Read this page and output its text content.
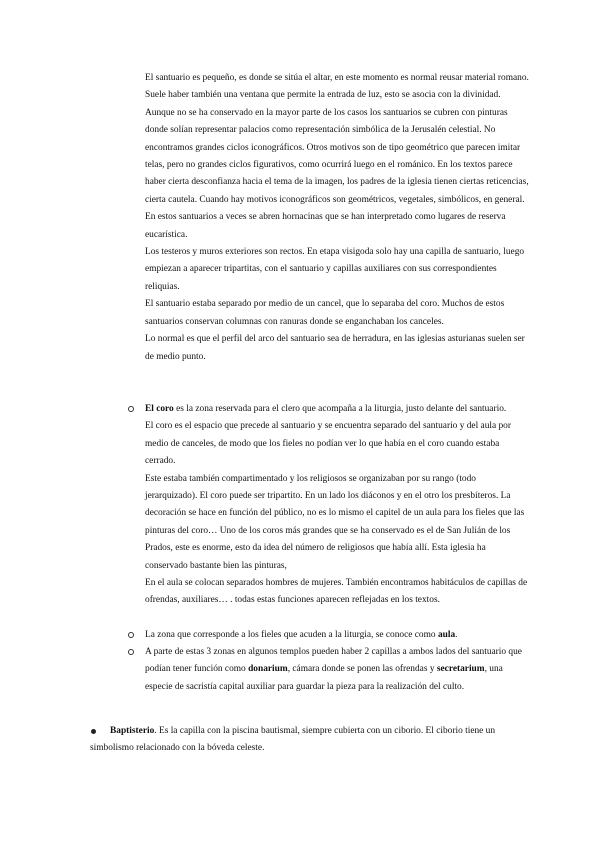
El santuario es pequeño, es donde se sitúa el altar, en este momento es normal reusar material romano. Suele haber también una ventana que permite la entrada de luz, esto se asocia con la divinidad.

Aunque no se ha conservado en la mayor parte de los casos los santuarios se cubren con pinturas donde solían representar palacios como representación simbólica de la Jerusalén celestial. No encontramos grandes ciclos iconográficos. Otros motivos son de tipo geométrico que parecen imitar telas, pero no grandes ciclos figurativos, como ocurrirá luego en el románico. En los textos parece haber cierta desconfianza hacia el tema de la imagen, los padres de la iglesia tienen ciertas reticencias, cierta cautela. Cuando hay motivos iconográficos son geométricos, vegetales, simbólicos, en general.

En estos santuarios a veces se abren hornacinas que se han interpretado como lugares de reserva eucarística.

Los testeros y muros exteriores son rectos. En etapa visigoda solo hay una capilla de santuario, luego empiezan a aparecer tripartitas, con el santuario y capillas auxiliares con sus correspondientes reliquias.

El santuario estaba separado por medio de un cancel, que lo separaba del coro. Muchos de estos santuarios conservan columnas con ranuras donde se enganchaban los canceles.

Lo normal es que el perfil del arco del santuario sea de herradura, en las iglesias asturianas suelen ser de medio punto.

El coro es la zona reservada para el clero que acompaña a la liturgia, justo delante del santuario.

El coro es el espacio que precede al santuario y se encuentra separado del santuario y del aula por medio de canceles, de modo que los fieles no podían ver lo que había en el coro cuando estaba cerrado.

Este estaba también compartimentado y los religiosos se organizaban por su rango (todo jerarquizado). El coro puede ser tripartito. En un lado los diáconos y en el otro los presbíteros. La decoración se hace en función del público, no es lo mismo el capitel de un aula para los fieles que las pinturas del coro… Uno de los coros más grandes que se ha conservado es el de San Julián de los Prados, este es enorme, esto da idea del número de religiosos que había allí. Esta iglesia ha conservado bastante bien las pinturas,

En el aula se colocan separados hombres de mujeres. También encontramos habitáculos de capillas de ofrendas, auxiliares… . todas estas funciones aparecen reflejadas en los textos.

La zona que corresponde a los fieles que acuden a la liturgia, se conoce como aula.

A parte de estas 3 zonas en algunos templos pueden haber 2 capillas a ambos lados del santuario que podían tener función como donarium, cámara donde se ponen las ofrendas y secretarium, una especie de sacristía capital auxiliar para guardar la pieza para la realización del culto.

Baptisterio. Es la capilla con la piscina bautismal, siempre cubierta con un ciborio. El ciborio tiene un simbolismo relacionado con la bóveda celeste.
